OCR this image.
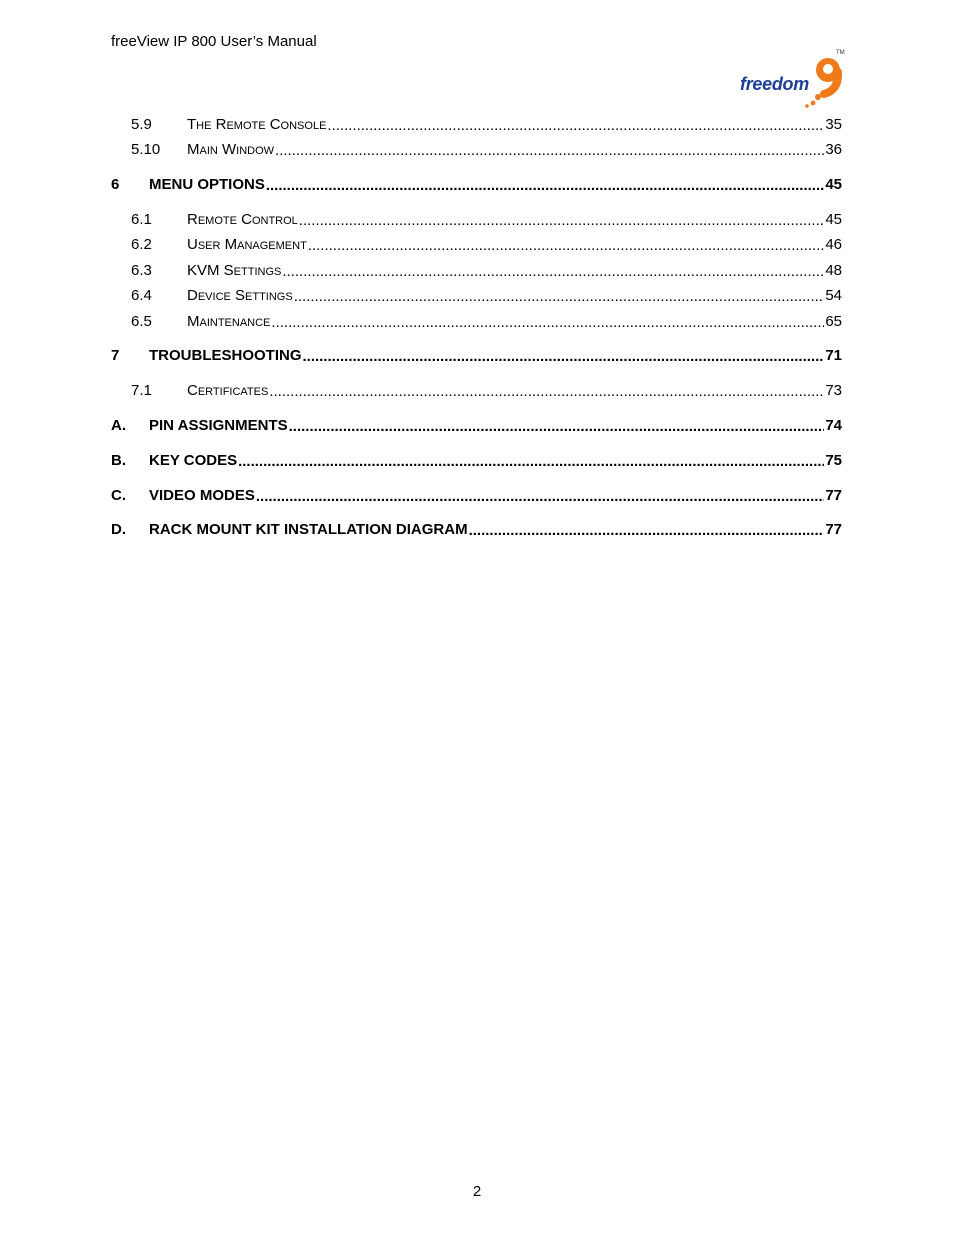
freeView IP 800 User’s Manual
freedom
TM
5.9	The Remote Console .....	35
5.10	Main Window .....	36
6	MENU OPTIONS .....	45
6.1	Remote Control .....	45
6.2	User Management .....	46
6.3	KVM Settings .....	48
6.4	Device Settings .....	54
6.5	Maintenance .....	65
7	TROUBLESHOOTING .....	71
7.1	Certificates .....	73
A.	PIN ASSIGNMENTS .....	74
B.	KEY CODES .....	75
C.	VIDEO MODES .....	77
D.	RACK MOUNT KIT INSTALLATION DIAGRAM .....	77
2
